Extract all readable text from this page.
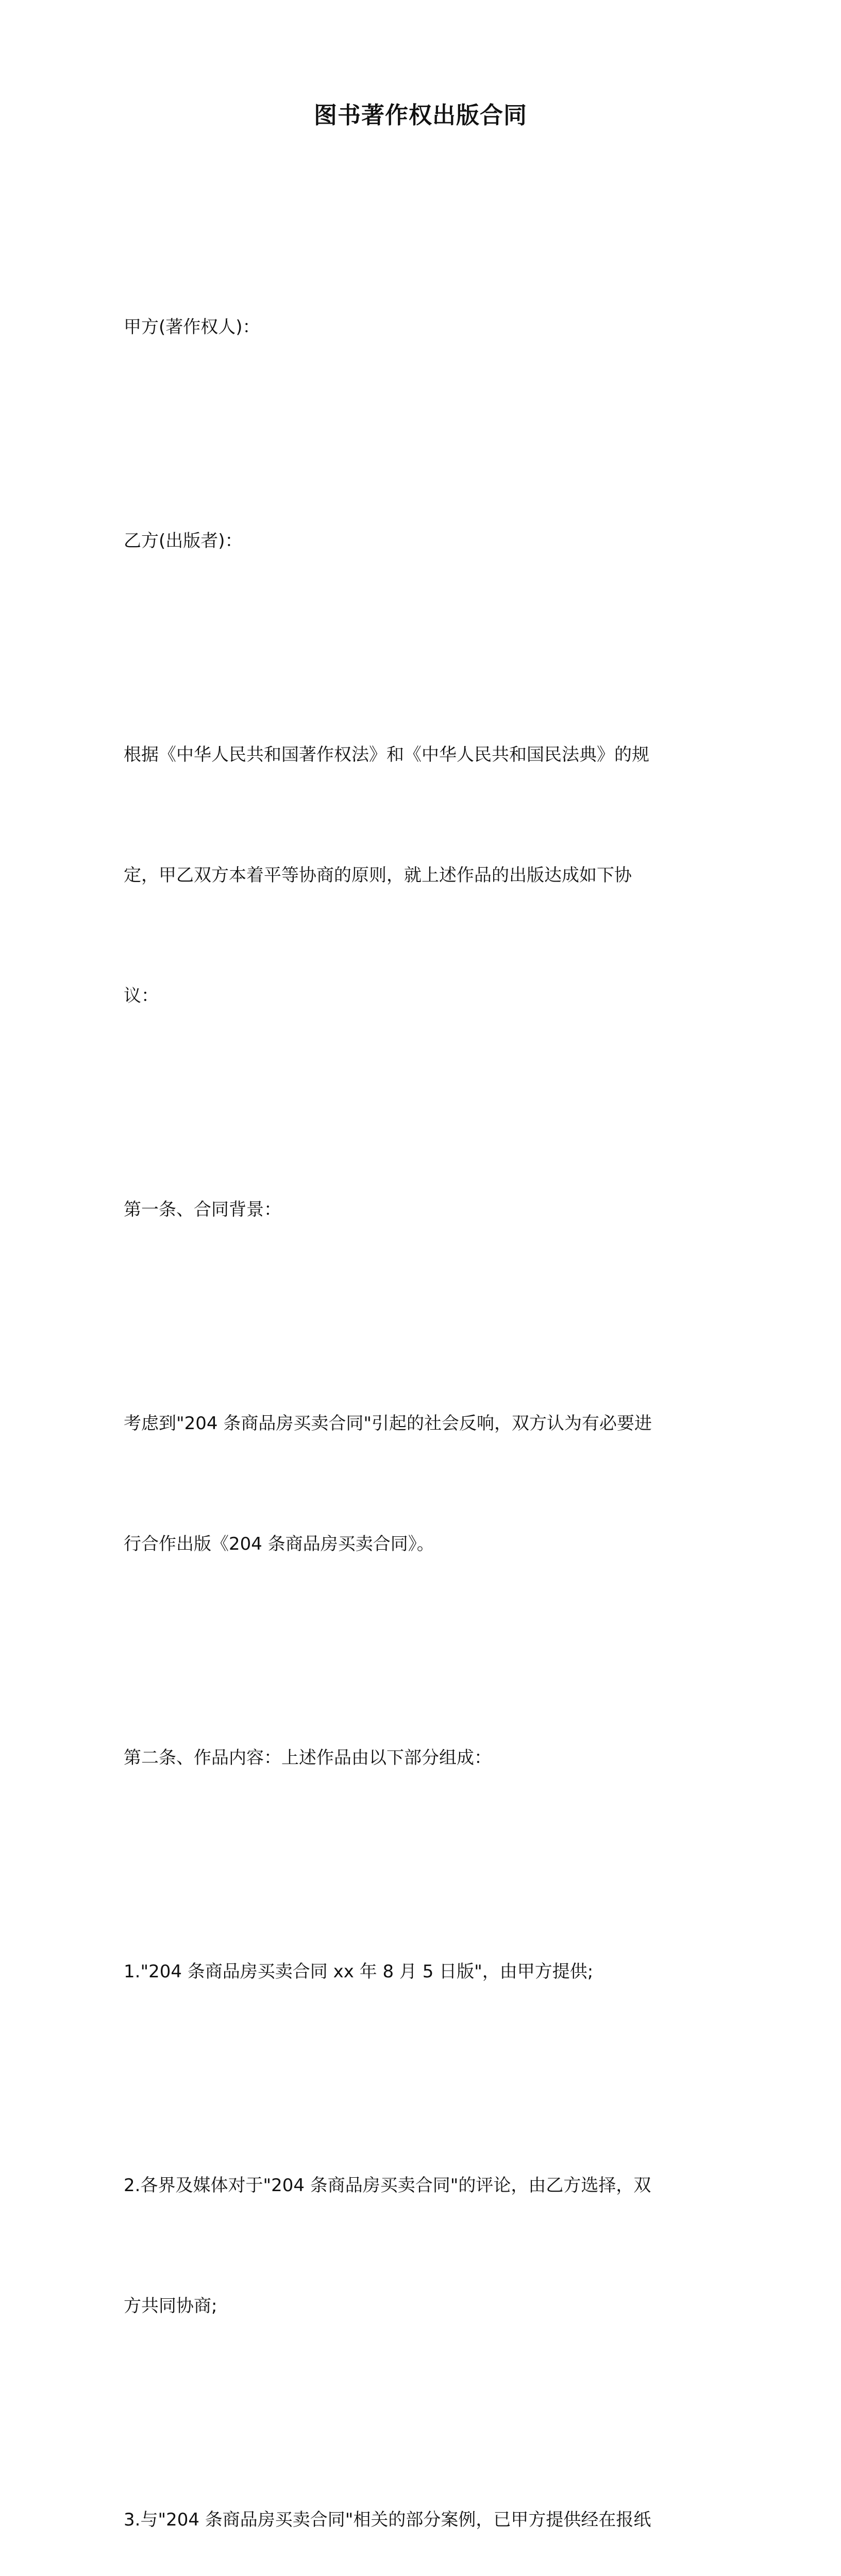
图书著作权出版合同

甲方(著作权人)：

乙方(出版者)：

根据《中华人民共和国著作权法》和《中华人民共和国民法典》的规

定，甲乙双方本着平等协商的原则，就上述作品的出版达成如下协

议：

第一条、合同背景：

考虑到"204 条商品房买卖合同"引起的社会反响，双方认为有必要进

行合作出版《204 条商品房买卖合同》。

第二条、作品内容：上述作品由以下部分组成：

1."204 条商品房买卖合同 xx 年 8 月 5 日版"，由甲方提供;

2.各界及媒体对于"204 条商品房买卖合同"的评论，由乙方选择，双

方共同协商;

3.与"204 条商品房买卖合同"相关的部分案例，已甲方提供经在报纸
